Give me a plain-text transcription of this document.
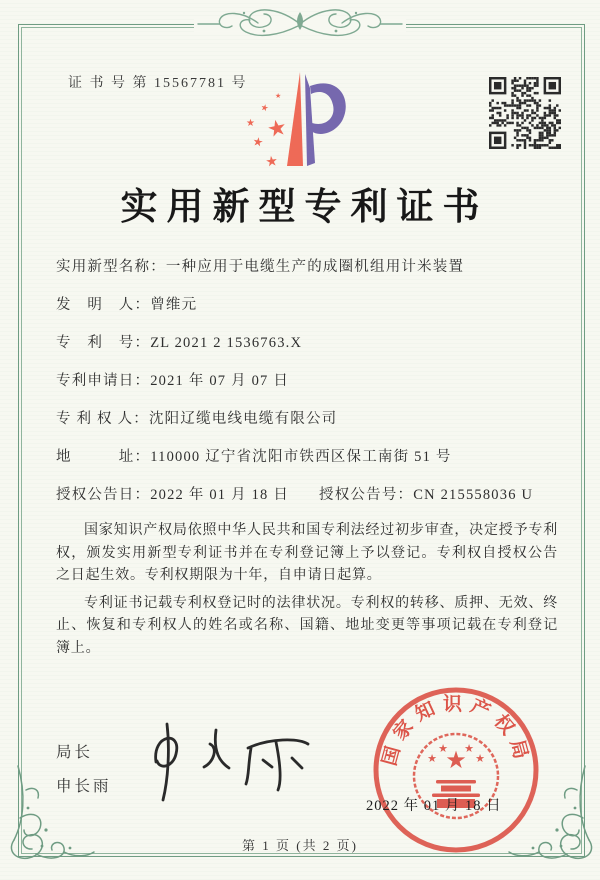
证 书 号 第 15567781 号
★
★
★
★
★
★
实用新型专利证书
实用新型名称：一种应用于电缆生产的成圈机组用计米装置
发　明　人：曾维元
专　利　号：ZL 2021 2 1536763.X
专利申请日：2021 年 07 月 07 日
专 利 权 人：沈阳辽缆电线电缆有限公司
地　　　址：110000 辽宁省沈阳市铁西区保工南街 51 号
授权公告日：2022 年 01 月 18 日 授权公告号：CN 215558036 U

国家知识产权局依照中华人民共和国专利法经过初步审查，决定授予专利权，颁发实用新型专利证书并在专利登记簿上予以登记。专利权自授权公告之日起生效。专利权期限为十年，自申请日起算。

专利证书记载专利权登记时的法律状况。专利权的转移、质押、无效、终止、恢复和专利权人的姓名或名称、国籍、地址变更等事项记载在专利登记簿上。

局长
申长雨
国家知识产权局
★
★
★ ★
★
2022 年 01 月 18 日
第 1 页 (共 2 页)
